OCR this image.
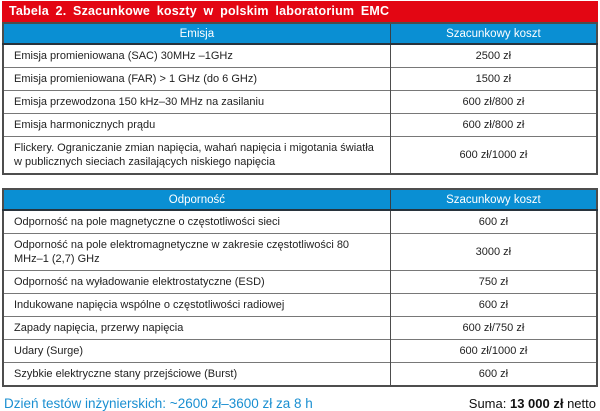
Tabela 2. Szacunkowe koszty w polskim laboratorium EMC
Emisja	Szacunkowy koszt
Emisja promieniowana (SAC) 30MHz –1GHz	2500 zł
Emisja promieniowana (FAR) > 1 GHz (do 6 GHz)	1500 zł
Emisja przewodzona 150 kHz–30 MHz na zasilaniu	600 zł/800 zł
Emisja harmonicznych prądu	600 zł/800 zł
Flickery. Ograniczanie zmian napięcia, wahań napięcia i migotania światła w publicznych sieciach zasilających niskiego napięcia	600 zł/1000 zł
Odporność	Szacunkowy koszt
Odporność na pole magnetyczne o częstotliwości sieci	600 zł
Odporność na pole elektromagnetyczne w zakresie częstotliwości 80 MHz–1 (2,7) GHz	3000 zł
Odporność na wyładowanie elektrostatyczne (ESD)	750 zł
Indukowane napięcia wspólne o częstotliwości radiowej	600 zł
Zapady napięcia, przerwy napięcia	600 zł/750 zł
Udary (Surge)	600 zł/1000 zł
Szybkie elektryczne stany przejściowe (Burst)	600 zł
Dzień testów inżynierskich: ~2600 zł–3600 zł za 8 h	Suma: 13 000 zł netto
